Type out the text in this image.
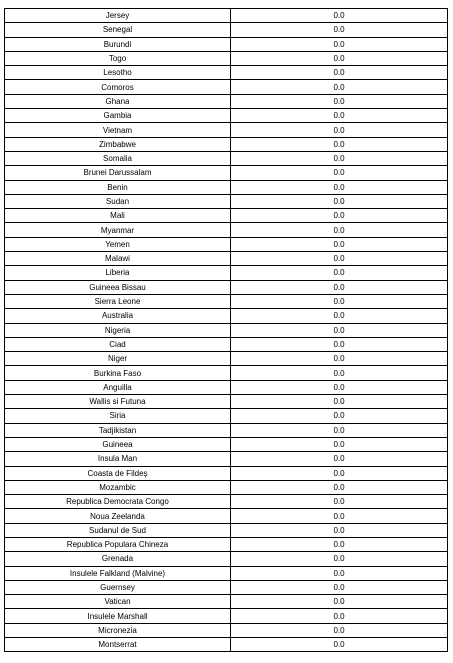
Jersey	0.0
Senegal	0.0
Burundi	0.0
Togo	0.0
Lesotho	0.0
Comoros	0.0
Ghana	0.0
Gambia	0.0
Vietnam	0.0
Zimbabwe	0.0
Somalia	0.0
Brunei Darussalam	0.0
Benin	0.0
Sudan	0.0
Mali	0.0
Myanmar	0.0
Yemen	0.0
Malawi	0.0
Liberia	0.0
Guineea Bissau	0.0
Sierra Leone	0.0
Australia	0.0
Nigeria	0.0
Ciad	0.0
Niger	0.0
Burkina Faso	0.0
Anguilla	0.0
Wallis si Futuna	0.0
Siria	0.0
Tadjikistan	0.0
Guineea	0.0
Insula Man	0.0
Coasta de Fildeș	0.0
Mozambic	0.0
Republica Democrata Congo	0.0
Noua Zeelanda	0.0
Sudanul de Sud	0.0
Republica Populara Chineza	0.0
Grenada	0.0
Insulele Falkland (Malvine)	0.0
Guernsey	0.0
Vatican	0.0
Insulele Marshall	0.0
Micronezia	0.0
Montserrat	0.0
